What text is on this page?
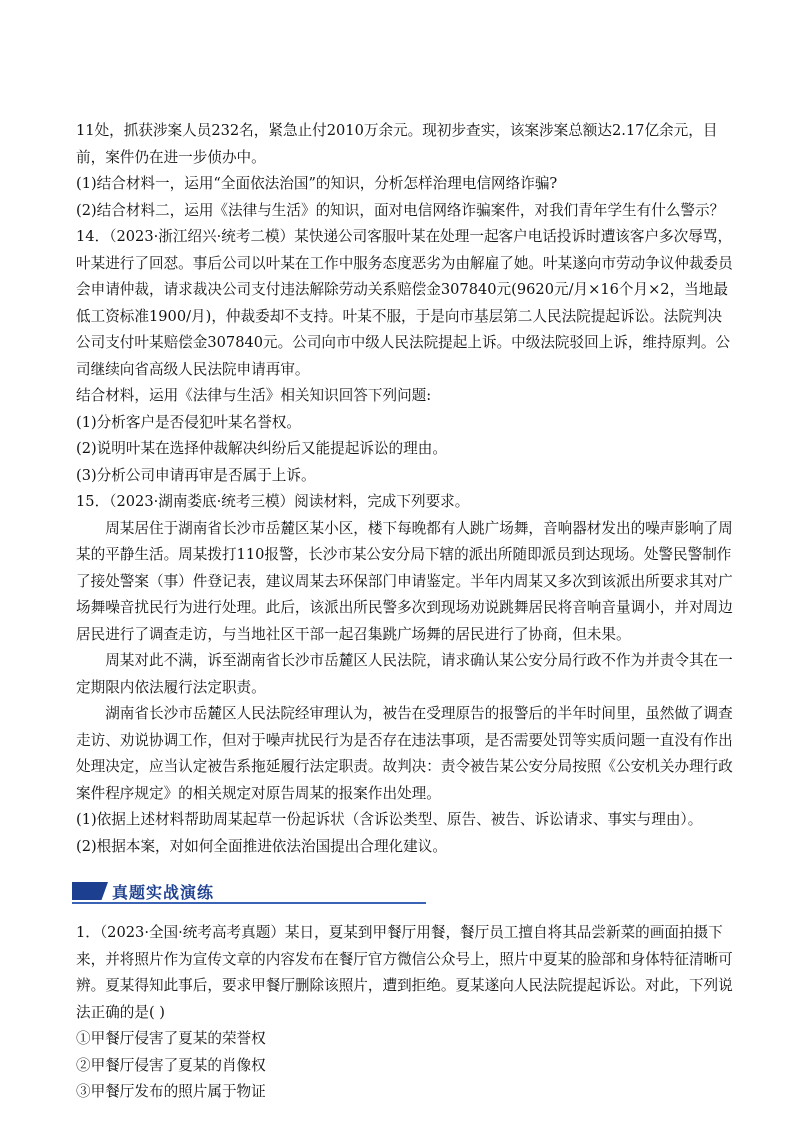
11处，抓获涉案人员232名，紧急止付2010万余元。现初步查实，该案涉案总额达2.17亿余元，目前，案件仍在进一步侦办中。

(1)结合材料一，运用“全面依法治国”的知识，分析怎样治理电信网络诈骗?

(2)结合材料二，运用《法律与生活》的知识，面对电信网络诈骗案件，对我们青年学生有什么警示？

14．（2023·浙江绍兴·统考二模）某快递公司客服叶某在处理一起客户电话投诉时遭该客户多次辱骂，叶某进行了回怼。事后公司以叶某在工作中服务态度恶劣为由解雇了她。叶某遂向市劳动争议仲裁委员会申请仲裁，请求裁决公司支付违法解除劳动关系赔偿金307840元(9620元/月×16个月×2，当地最低工资标准1900/月)，仲裁委却不支持。叶某不服，于是向市基层第二人民法院提起诉讼。法院判决公司支付叶某赔偿金307840元。公司向市中级人民法院提起上诉。中级法院驳回上诉，维持原判。公司继续向省高级人民法院申请再审。

结合材料，运用《法律与生活》相关知识回答下列问题:

(1)分析客户是否侵犯叶某名誉权。

(2)说明叶某在选择仲裁解决纠纷后又能提起诉讼的理由。

(3)分析公司申请再审是否属于上诉。

15．（2023·湖南娄底·统考三模）阅读材料，完成下列要求。

周某居住于湖南省长沙市岳麓区某小区，楼下每晚都有人跳广场舞，音响器材发出的噪声影响了周某的平静生活。周某拨打110报警，长沙市某公安分局下辖的派出所随即派员到达现场。处警民警制作了接处警案（事）件登记表，建议周某去环保部门申请鉴定。半年内周某又多次到该派出所要求其对广场舞噪音扰民行为进行处理。此后，该派出所民警多次到现场劝说跳舞居民将音响音量调小，并对周边居民进行了调查走访，与当地社区干部一起召集跳广场舞的居民进行了协商，但未果。

周某对此不满，诉至湖南省长沙市岳麓区人民法院，请求确认某公安分局行政不作为并责令其在一定期限内依法履行法定职责。

湖南省长沙市岳麓区人民法院经审理认为，被告在受理原告的报警后的半年时间里，虽然做了调查走访、劝说协调工作，但对于噪声扰民行为是否存在违法事项，是否需要处罚等实质问题一直没有作出处理决定，应当认定被告系拖延履行法定职责。故判决：责令被告某公安分局按照《公安机关办理行政案件程序规定》的相关规定对原告周某的报案作出处理。

(1)依据上述材料帮助周某起草一份起诉状（含诉讼类型、原告、被告、诉讼请求、事实与理由）。

(2)根据本案，对如何全面推进依法治国提出合理化建议。

真题实战演练

1．（2023·全国·统考高考真题）某日，夏某到甲餐厅用餐，餐厅员工擅自将其品尝新菜的画面拍摄下来，并将照片作为宣传文章的内容发布在餐厅官方微信公众号上，照片中夏某的脸部和身体特征清晰可辨。夏某得知此事后，要求甲餐厅删除该照片，遭到拒绝。夏某遂向人民法院提起诉讼。对此，下列说法正确的是( )

①甲餐厅侵害了夏某的荣誉权

②甲餐厅侵害了夏某的肖像权

③甲餐厅发布的照片属于物证
